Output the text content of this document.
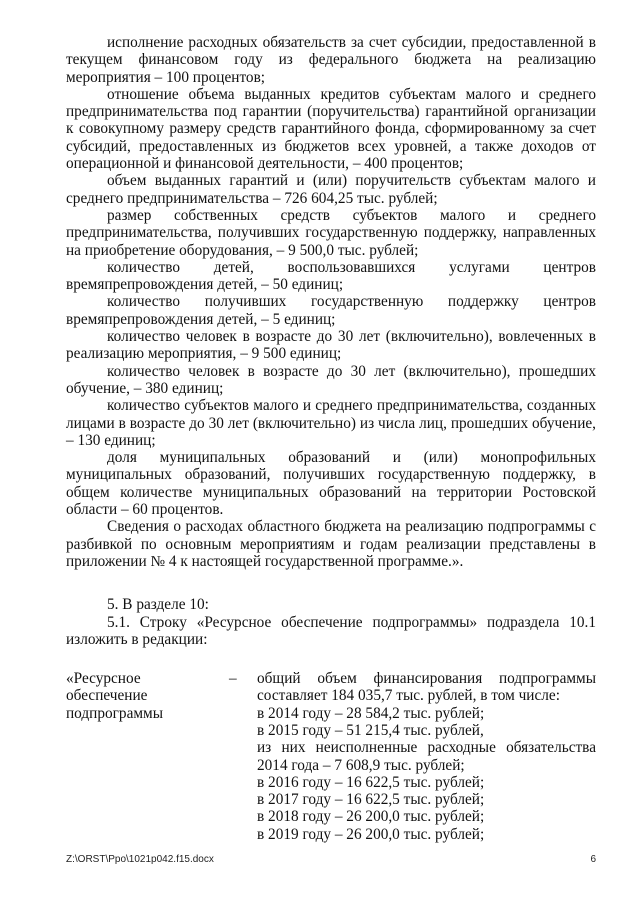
исполнение расходных обязательств за счет субсидии, предоставленной в текущем финансовом году из федерального бюджета на реализацию мероприятия – 100 процентов;

отношение объема выданных кредитов субъектам малого и среднего предпринимательства под гарантии (поручительства) гарантийной организации к совокупному размеру средств гарантийного фонда, сформированному за счет субсидий, предоставленных из бюджетов всех уровней, а также доходов от операционной и финансовой деятельности, – 400 процентов;

объем выданных гарантий и (или) поручительств субъектам малого и среднего предпринимательства – 726 604,25 тыс. рублей;

размер собственных средств субъектов малого и среднего предпринимательства, получивших государственную поддержку, направленных на приобретение оборудования, – 9 500,0 тыс. рублей;

количество детей, воспользовавшихся услугами центров времяпрепровождения детей, – 50 единиц;

количество получивших государственную поддержку центров времяпрепровождения детей, – 5 единиц;

количество человек в возрасте до 30 лет (включительно), вовлеченных в реализацию мероприятия, – 9 500 единиц;

количество человек в возрасте до 30 лет (включительно), прошедших обучение, – 380 единиц;

количество субъектов малого и среднего предпринимательства, созданных лицами в возрасте до 30 лет (включительно) из числа лиц, прошедших обучение, – 130 единиц;

доля муниципальных образований и (или) монопрофильных муниципальных образований, получивших государственную поддержку, в общем количестве муниципальных образований на территории Ростовской области – 60 процентов.

Сведения о расходах областного бюджета на реализацию подпрограммы с разбивкой по основным мероприятиям и годам реализации представлены в приложении № 4 к настоящей государственной программе.».

5. В разделе 10:

5.1. Строку «Ресурсное обеспечение подпрограммы» подраздела 10.1 изложить в редакции:

«Ресурсное
обеспечение
подпрограммы
– общий объем финансирования подпрограммы
составляет 184 035,7 тыс. рублей, в том числе:
в 2014 году – 28 584,2 тыс. рублей;
в 2015 году – 51 215,4 тыс. рублей,
из них неисполненные расходные обязательства
2014 года – 7 608,9 тыс. рублей;
в 2016 году – 16 622,5 тыс. рублей;
в 2017 году – 16 622,5 тыс. рублей;
в 2018 году – 26 200,0 тыс. рублей;
в 2019 году – 26 200,0 тыс. рублей;
Z:\ORST\Ppo\1021p042.f15.docx	6
